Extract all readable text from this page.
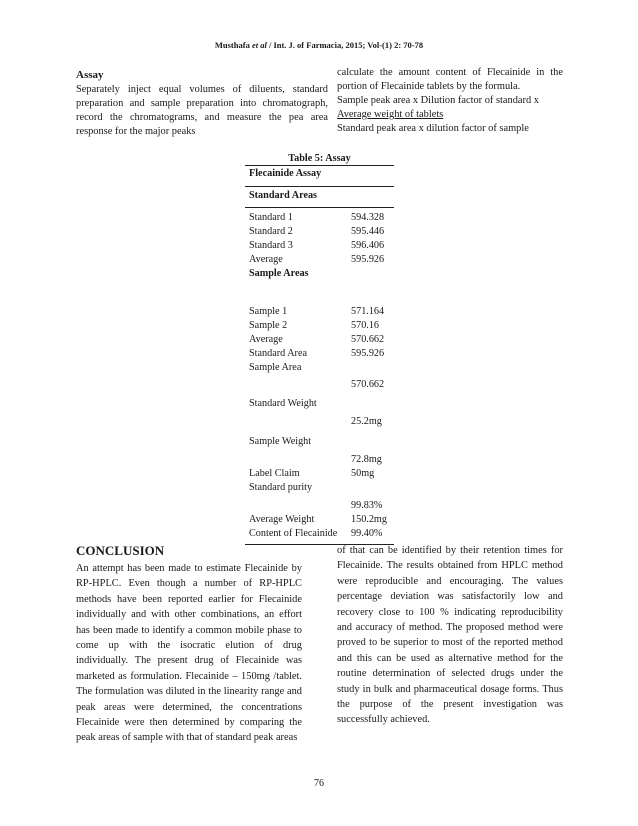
Musthafa et al / Int. J. of Farmacia, 2015; Vol-(1) 2: 70-78
Assay

Separately inject equal volumes of diluents, standard preparation and sample preparation into chromatograph, record the chromatograms, and measure the pea area response for the major peaks

calculate the amount content of Flecainide in the portion of Flecainide tablets by the formula.

Sample peak area x Dilution factor of standard x
Average weight of tablets
Standard peak area x dilution factor of sample
Table 5: Assay
Flecainide Assay
Standard Areas
Standard 1	594.328
Standard 2	595.446
Standard 3	596.406
Average	595.926
Sample Areas
Sample 1	571.164
Sample 2	570.16
Average	570.662
Standard Area	595.926
Sample Area
570.662
Standard Weight
25.2mg
Sample Weight
72.8mg
Label Claim	50mg
Standard purity
99.83%
Average Weight	150.2mg
Content of Flecainide 99.40%
CONCLUSION

An attempt has been made to estimate Flecainide by RP-HPLC. Even though a number of RP-HPLC methods have been reported earlier for Flecainide individually and with other combinations, an effort has been made to identify a common mobile phase to come up with the isocratic elution of drug individually. The present drug of Flecainide was marketed as formulation. Flecainide – 150mg /tablet. The formulation was diluted in the linearity range and peak areas were determined, the concentrations Flecainide were then determined by comparing the peak areas of sample with that of standard peak areas

of that can be identified by their retention times for Flecainide. The results obtained from HPLC method were reproducible and encouraging. The values percentage deviation was satisfactorily low and recovery close to 100 % indicating reproducibility and accuracy of method. The proposed method were proved to be superior to most of the reported method and this can be used as alternative method for the routine determination of selected drugs under the study in bulk and pharmaceutical dosage forms. Thus the purpose of the present investigation was successfully achieved.

76
